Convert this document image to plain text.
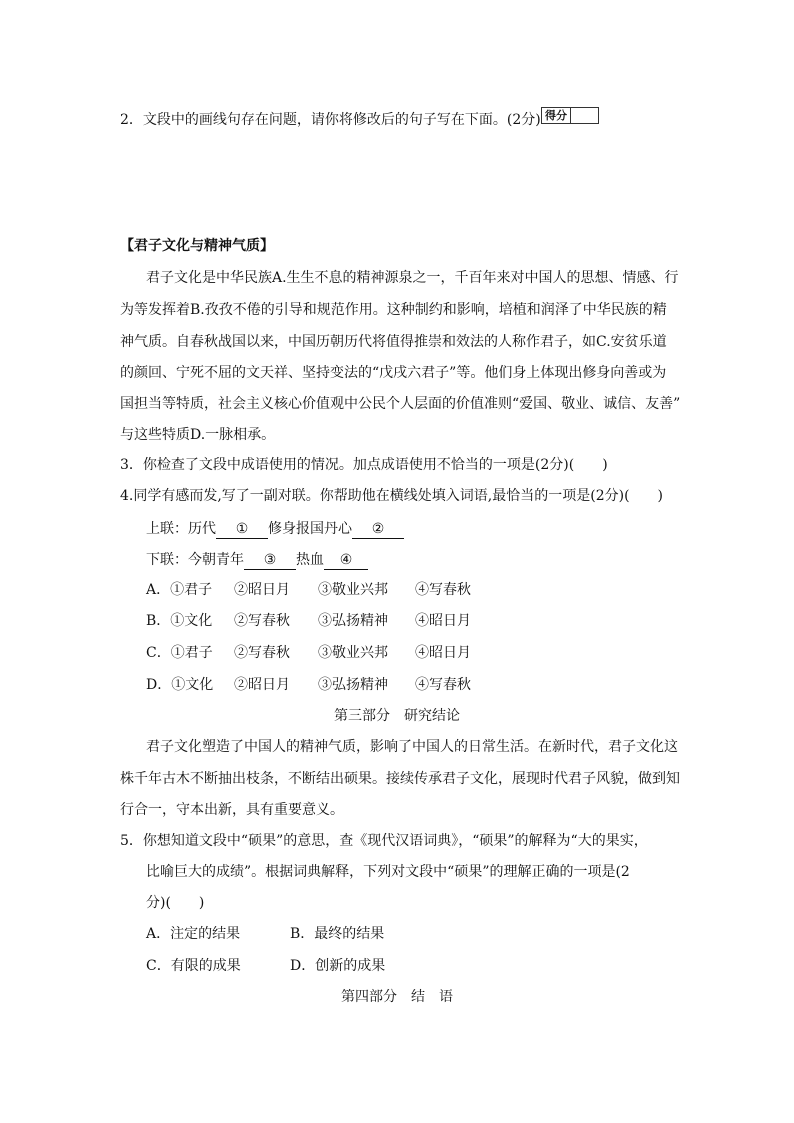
2．文段中的画线句存在问题，请你将修改后的句子写在下面。(2分) 得分
【君子文化与精神气质】
君子文化是中华民族A.生生不息的精神源泉之一，千百年来对中国人的思想、情感、行
为等发挥着B.孜孜不倦的引导和规范作用。这种制约和影响，培植和润泽了中华民族的精
神气质。自春秋战国以来，中国历朝历代将值得推崇和效法的人称作君子，如C.安贫乐道
的颜回、宁死不屈的文天祥、坚持变法的“戊戌六君子”等。他们身上体现出修身向善或为
国担当等特质，社会主义核心价值观中公民个人层面的价值准则“爱国、敬业、诚信、友善”
与这些特质D.一脉相承。
3．你检查了文段中成语使用的情况。加点成语使用不恰当的一项是(2分)(　　)
4.同学有感而发,写了一副对联。你帮助他在横线处填入词语,最恰当的一项是(2分)(　　)
上联：历代 ① 修身报国丹心 ②
下联：今朝青年 ③ 热血 ④
A．①君子 ②昭日月 ③敬业兴邦 ④写春秋
B．①文化 ②写春秋 ③弘扬精神 ④昭日月
C．①君子 ②写春秋 ③敬业兴邦 ④昭日月
D．①文化 ②昭日月 ③弘扬精神 ④写春秋
第三部分　研究结论
君子文化塑造了中国人的精神气质，影响了中国人的日常生活。在新时代，君子文化这
株千年古木不断抽出枝条，不断结出硕果。接续传承君子文化，展现时代君子风貌，做到知
行合一，守本出新，具有重要意义。
5．你想知道文段中“硕果”的意思，查《现代汉语词典》，“硕果”的解释为“大的果实，
比喻巨大的成绩”。根据词典解释，下列对文段中“硕果”的理解正确的一项是(2
分)(　　)
A．注定的结果	B．最终的结果
C．有限的成果	D．创新的成果
第四部分　结　语
